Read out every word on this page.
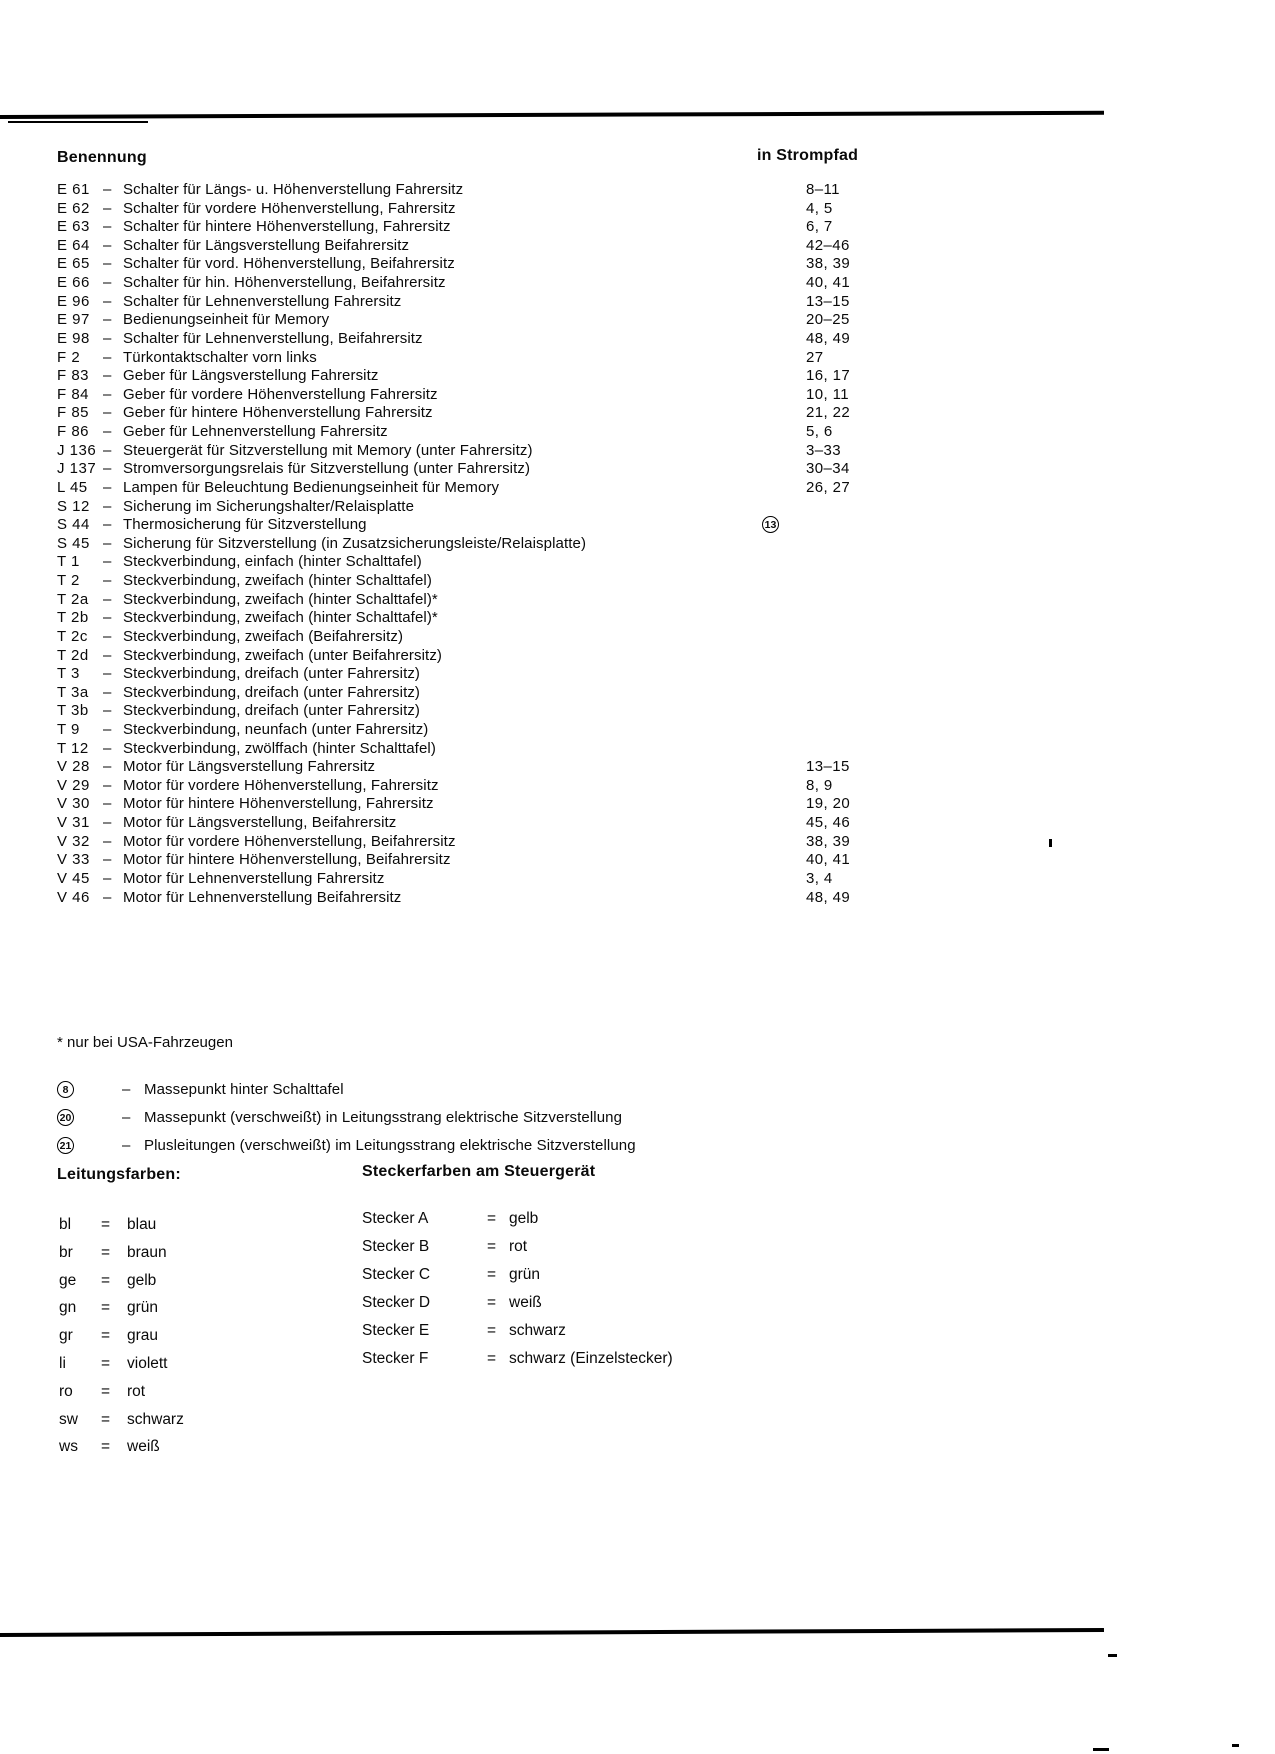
Benennung	in Strompfad
E 61 – Schalter für Längs- u. Höhenverstellung Fahrersitz	8–11
E 62 – Schalter für vordere Höhenverstellung, Fahrersitz	4, 5
E 63 – Schalter für hintere Höhenverstellung, Fahrersitz	6, 7
E 64 – Schalter für Längsverstellung Beifahrersitz	42–46
E 65 – Schalter für vord. Höhenverstellung, Beifahrersitz	38, 39
E 66 – Schalter für hin. Höhenverstellung, Beifahrersitz	40, 41
E 96 – Schalter für Lehnenverstellung Fahrersitz	13–15
E 97 – Bedienungseinheit für Memory	20–25
E 98 – Schalter für Lehnenverstellung, Beifahrersitz	48, 49
F 2	– Türkontaktschalter vorn links	27
F 83 – Geber für Längsverstellung Fahrersitz	16, 17
F 84 – Geber für vordere Höhenverstellung Fahrersitz	10, 11
F 85 – Geber für hintere Höhenverstellung Fahrersitz	21, 22
F 86 – Geber für Lehnenverstellung Fahrersitz	5, 6
J 136 – Steuergerät für Sitzverstellung mit Memory (unter Fahrersitz)	3–33
J 137 – Stromversorgungsrelais für Sitzverstellung (unter Fahrersitz)	30–34
L 45	– Lampen für Beleuchtung Bedienungseinheit für Memory	26, 27
S 12 – Sicherung im Sicherungshalter/Relaisplatte
S 44 – Thermosicherung für Sitzverstellung	13
S 45 – Sicherung für Sitzverstellung (in Zusatzsicherungsleiste/Relaisplatte)
T 1	– Steckverbindung, einfach (hinter Schalttafel)
T 2	– Steckverbindung, zweifach (hinter Schalttafel)
T 2a – Steckverbindung, zweifach (hinter Schalttafel)*
T 2b – Steckverbindung, zweifach (hinter Schalttafel)*
T 2c	– Steckverbindung, zweifach (Beifahrersitz)
T 2d – Steckverbindung, zweifach (unter Beifahrersitz)
T 3	– Steckverbindung, dreifach (unter Fahrersitz)
T 3a – Steckverbindung, dreifach (unter Fahrersitz)
T 3b – Steckverbindung, dreifach (unter Fahrersitz)
T 9	– Steckverbindung, neunfach (unter Fahrersitz)
T 12 – Steckverbindung, zwölffach (hinter Schalttafel)
V 28 – Motor für Längsverstellung Fahrersitz	13–15
V 29 – Motor für vordere Höhenverstellung, Fahrersitz	8, 9
V 30 – Motor für hintere Höhenverstellung, Fahrersitz	19, 20
V 31 – Motor für Längsverstellung, Beifahrersitz	45, 46
V 32 – Motor für vordere Höhenverstellung, Beifahrersitz	38, 39
V 33 – Motor für hintere Höhenverstellung, Beifahrersitz	40, 41
V 45 – Motor für Lehnenverstellung Fahrersitz	3, 4
V 46 – Motor für Lehnenverstellung Beifahrersitz	48, 49
* nur bei USA-Fahrzeugen
8	– Massepunkt hinter Schalttafel
20	– Massepunkt (verschweißt) in Leitungsstrang elektrische Sitzverstellung
21	– Plusleitungen (verschweißt) im Leitungsstrang elektrische Sitzverstellung
Leitungsfarben:
bl = blau
br = braun
ge = gelb
gn = grün
gr = grau
li = violett
ro = rot
sw = schwarz
ws = weiß
Steckerfarben am Steuergerät
Stecker A	= gelb
Stecker B	= rot
Stecker C	= grün
Stecker D	= weiß
Stecker E	= schwarz
Stecker F	= schwarz (Einzelstecker)
